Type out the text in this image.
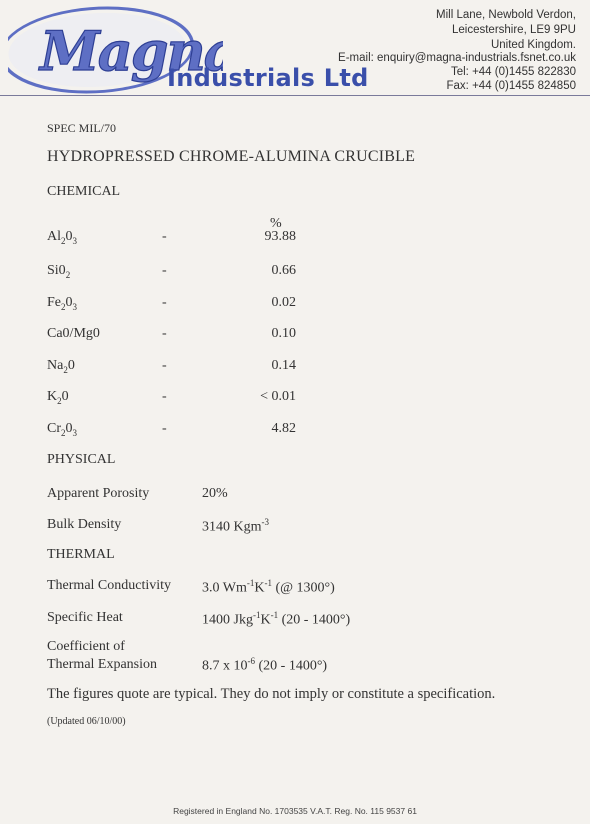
Magna
Industrials Ltd
Mill Lane, Newbold Verdon,
Leicestershire, LE9 9PU
United Kingdom.
E-mail: enquiry@magna-industrials.fsnet.co.uk
Tel: +44 (0)1455 822830
Fax: +44 (0)1455 824850
SPEC MIL/70
HYDROPRESSED CHROME-ALUMINA CRUCIBLE
CHEMICAL
%
$Al_20_3$	-	93.88
$Si0_2$	-	0.66
$Fe_20_3$	-	0.02
Ca0/Mg0	-	0.10
$Na_20$	-	0.14
$K_20$	-	< 0.01
$Cr_20_3$	-	4.82
PHYSICAL
Apparent Porosity	20%
Bulk Density	3140 Kgm$^{-3}$
THERMAL
Thermal Conductivity 3.0 $Wm^{-1}K^{-1}$ (@ 1300°)
Specific Heat	1400 $Jkg^{-1}K^{-1}$ (20 - 1400°)
Coefficient of
Thermal Expansion	8.7 x $10^{-6}$ (20 - 1400°)
The figures quote are typical. They do not imply or constitute a specification.
(Updated 06/10/00)
Registered in England No. 1703535 V.A.T. Reg. No. 115 9537 61
